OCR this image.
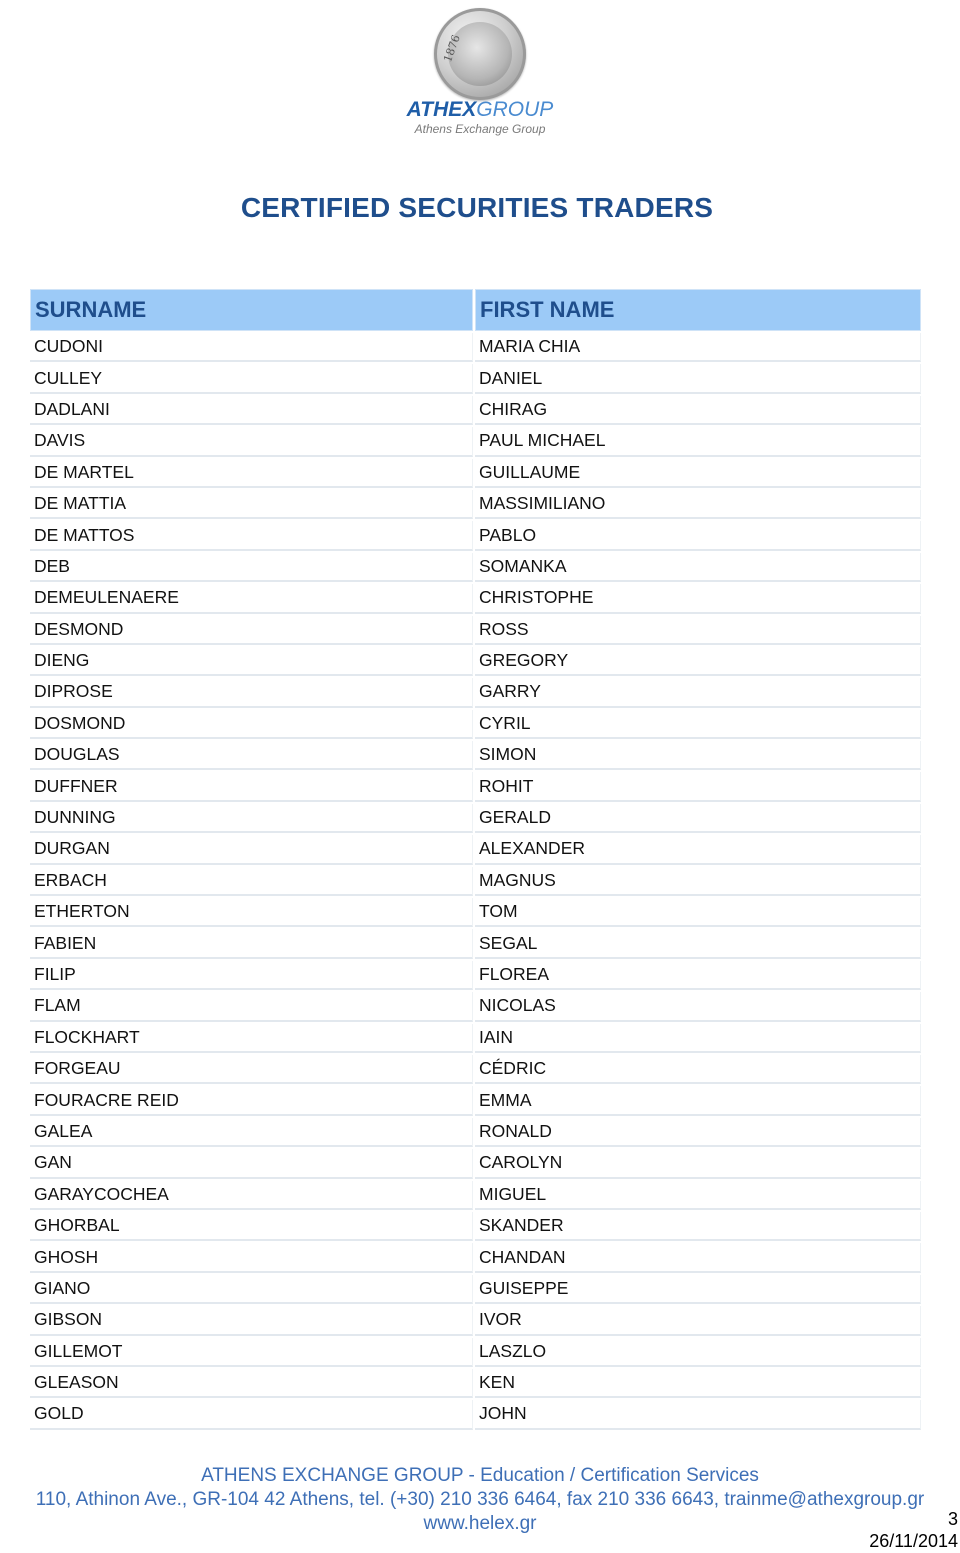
1876
ATHEXGROUP
Athens Exchange Group
CERTIFIED SECURITIES TRADERS
SURNAME	FIRST NAME
CUDONI	MARIA CHIA
CULLEY	DANIEL
DADLANI	CHIRAG
DAVIS	PAUL MICHAEL
DE MARTEL	GUILLAUME
DE MATTIA	MASSIMILIANO
DE MATTOS	PABLO
DEB	SOMANKA
DEMEULENAERE	CHRISTOPHE
DESMOND	ROSS
DIENG	GREGORY
DIPROSE	GARRY
DOSMOND	CYRIL
DOUGLAS	SIMON
DUFFNER	ROHIT
DUNNING	GERALD
DURGAN	ALEXANDER
ERBACH	MAGNUS
ETHERTON	TOM
FABIEN	SEGAL
FILIP	FLOREA
FLAM	NICOLAS
FLOCKHART	IAIN
FORGEAU	CÉDRIC
FOURACRE REID	EMMA
GALEA	RONALD
GAN	CAROLYN
GARAYCOCHEA	MIGUEL
GHORBAL	SKANDER
GHOSH	CHANDAN
GIANO	GUISEPPE
GIBSON	IVOR
GILLEMOT	LASZLO
GLEASON	KEN
GOLD	JOHN
ATHENS EXCHANGE GROUP - Education / Certification Services
110, Athinon Ave., GR-104 42 Athens, tel. (+30) 210 336 6464, fax 210 336 6643, trainme@athexgroup.gr
www.helex.gr	3
26/11/2014
